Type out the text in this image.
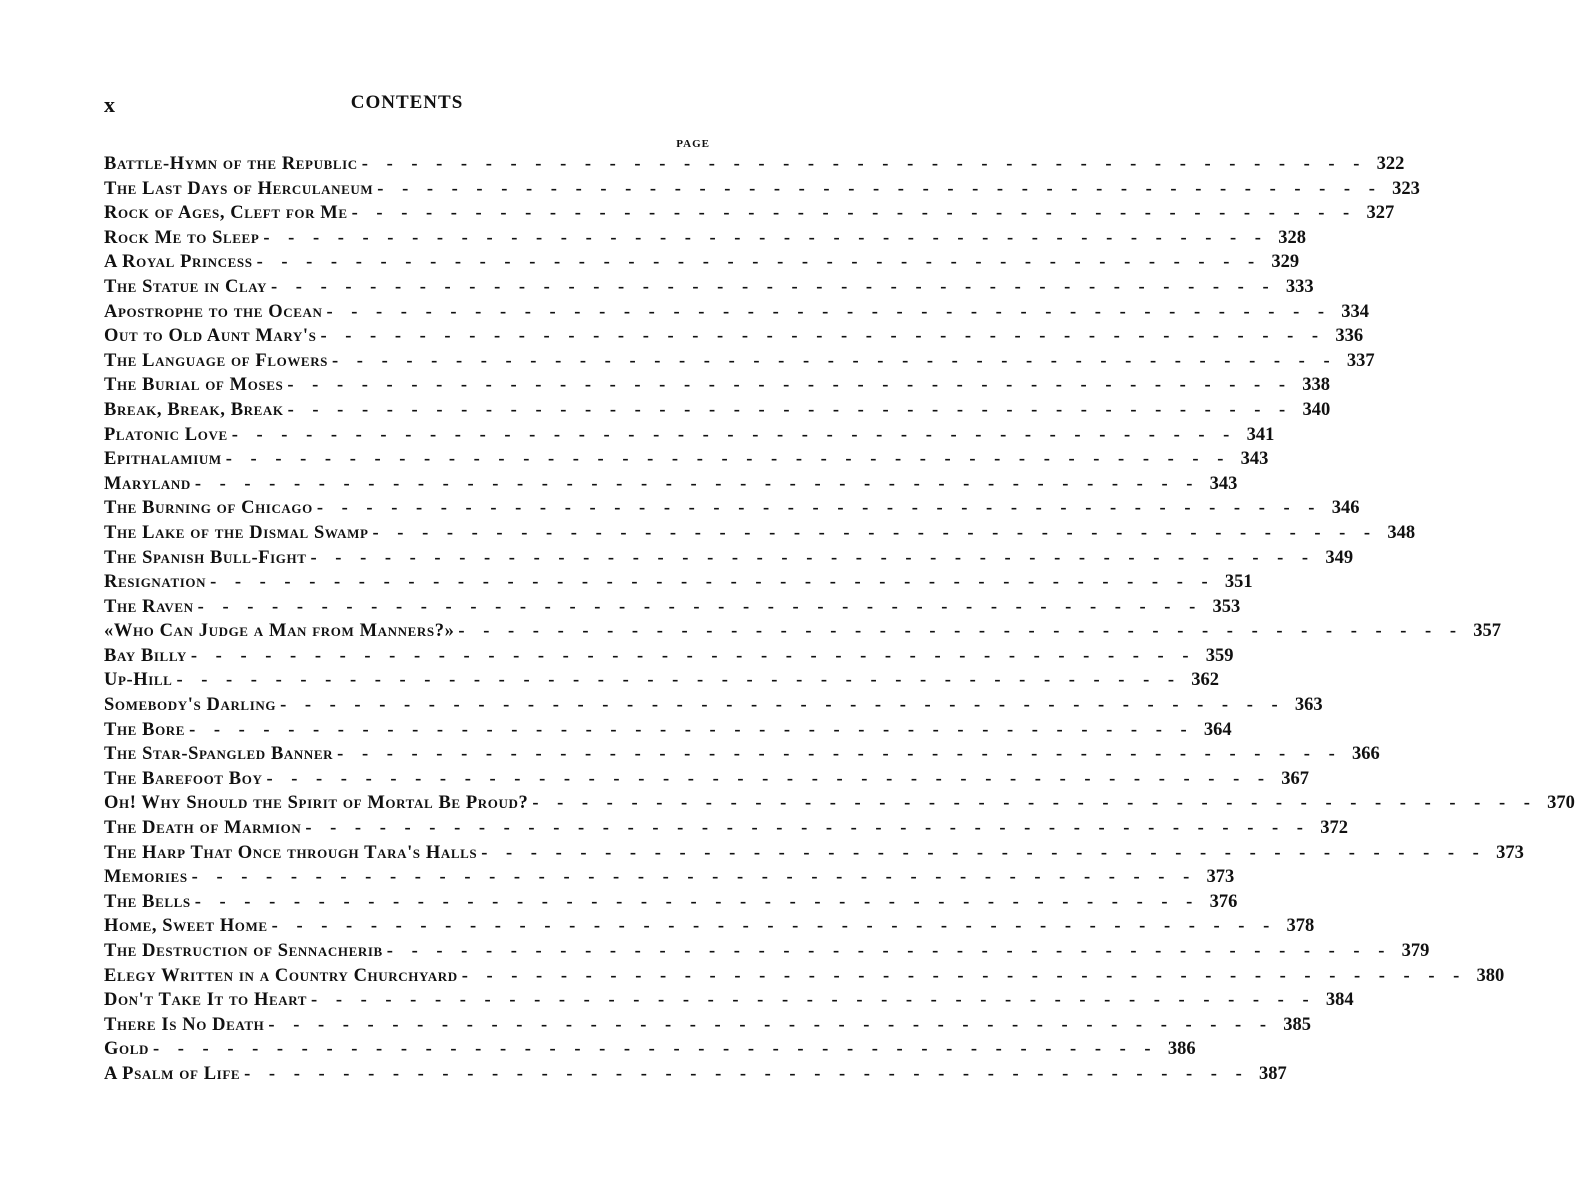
x	CONTENTS
PAGE
Battle-Hymn of the Republic - - - - - - - - - - - - - - - - - - - - - - - - - - - - - - - - - - - - - - - - - 322
The Last Days of Herculaneum - - - - - - - - - - - - - - - - - - - - - - - - - - - - - - - - - - - - - - - - - 323
Rock of Ages, Cleft for Me - - - - - - - - - - - - - - - - - - - - - - - - - - - - - - - - - - - - - - - - - 327
Rock Me to Sleep - - - - - - - - - - - - - - - - - - - - - - - - - - - - - - - - - - - - - - - - - 328
A Royal Princess - - - - - - - - - - - - - - - - - - - - - - - - - - - - - - - - - - - - - - - - - 329
The Statue in Clay - - - - - - - - - - - - - - - - - - - - - - - - - - - - - - - - - - - - - - - - - 333
Apostrophe to the Ocean - - - - - - - - - - - - - - - - - - - - - - - - - - - - - - - - - - - - - - - - - 334
Out to Old Aunt Mary's - - - - - - - - - - - - - - - - - - - - - - - - - - - - - - - - - - - - - - - - - 336
The Language of Flowers - - - - - - - - - - - - - - - - - - - - - - - - - - - - - - - - - - - - - - - - - 337
The Burial of Moses - - - - - - - - - - - - - - - - - - - - - - - - - - - - - - - - - - - - - - - - - 338
Break, Break, Break - - - - - - - - - - - - - - - - - - - - - - - - - - - - - - - - - - - - - - - - - 340
Platonic Love - - - - - - - - - - - - - - - - - - - - - - - - - - - - - - - - - - - - - - - - - 341
Epithalamium - - - - - - - - - - - - - - - - - - - - - - - - - - - - - - - - - - - - - - - - - 343
Maryland - - - - - - - - - - - - - - - - - - - - - - - - - - - - - - - - - - - - - - - - - 343
The Burning of Chicago - - - - - - - - - - - - - - - - - - - - - - - - - - - - - - - - - - - - - - - - - 346
The Lake of the Dismal Swamp - - - - - - - - - - - - - - - - - - - - - - - - - - - - - - - - - - - - - - - - - 348
The Spanish Bull-Fight - - - - - - - - - - - - - - - - - - - - - - - - - - - - - - - - - - - - - - - - - 349
Resignation - - - - - - - - - - - - - - - - - - - - - - - - - - - - - - - - - - - - - - - - - 351
The Raven - - - - - - - - - - - - - - - - - - - - - - - - - - - - - - - - - - - - - - - - - 353
«Who Can Judge a Man from Manners?» - - - - - - - - - - - - - - - - - - - - - - - - - - - - - - - - - - - - - - - - - 357
Bay Billy - - - - - - - - - - - - - - - - - - - - - - - - - - - - - - - - - - - - - - - - - 359
Up-Hill - - - - - - - - - - - - - - - - - - - - - - - - - - - - - - - - - - - - - - - - - 362
Somebody's Darling - - - - - - - - - - - - - - - - - - - - - - - - - - - - - - - - - - - - - - - - - 363
The Bore - - - - - - - - - - - - - - - - - - - - - - - - - - - - - - - - - - - - - - - - - 364
The Star-Spangled Banner - - - - - - - - - - - - - - - - - - - - - - - - - - - - - - - - - - - - - - - - - 366
The Barefoot Boy - - - - - - - - - - - - - - - - - - - - - - - - - - - - - - - - - - - - - - - - - 367
Oh! Why Should the Spirit of Mortal Be Proud? - - - - - - - - - - - - - - - - - - - - - - - - - - - - - - - - - - - - - - - - - 370
The Death of Marmion - - - - - - - - - - - - - - - - - - - - - - - - - - - - - - - - - - - - - - - - - 372
The Harp That Once through Tara's Halls - - - - - - - - - - - - - - - - - - - - - - - - - - - - - - - - - - - - - - - - - 373
Memories - - - - - - - - - - - - - - - - - - - - - - - - - - - - - - - - - - - - - - - - - 373
The Bells - - - - - - - - - - - - - - - - - - - - - - - - - - - - - - - - - - - - - - - - - 376
Home, Sweet Home - - - - - - - - - - - - - - - - - - - - - - - - - - - - - - - - - - - - - - - - - 378
The Destruction of Sennacherib - - - - - - - - - - - - - - - - - - - - - - - - - - - - - - - - - - - - - - - - - 379
Elegy Written in a Country Churchyard - - - - - - - - - - - - - - - - - - - - - - - - - - - - - - - - - - - - - - - - - 380
Don't Take It to Heart - - - - - - - - - - - - - - - - - - - - - - - - - - - - - - - - - - - - - - - - - 384
There Is No Death - - - - - - - - - - - - - - - - - - - - - - - - - - - - - - - - - - - - - - - - - 385
Gold - - - - - - - - - - - - - - - - - - - - - - - - - - - - - - - - - - - - - - - - - 386
A Psalm of Life - - - - - - - - - - - - - - - - - - - - - - - - - - - - - - - - - - - - - - - - - 387
